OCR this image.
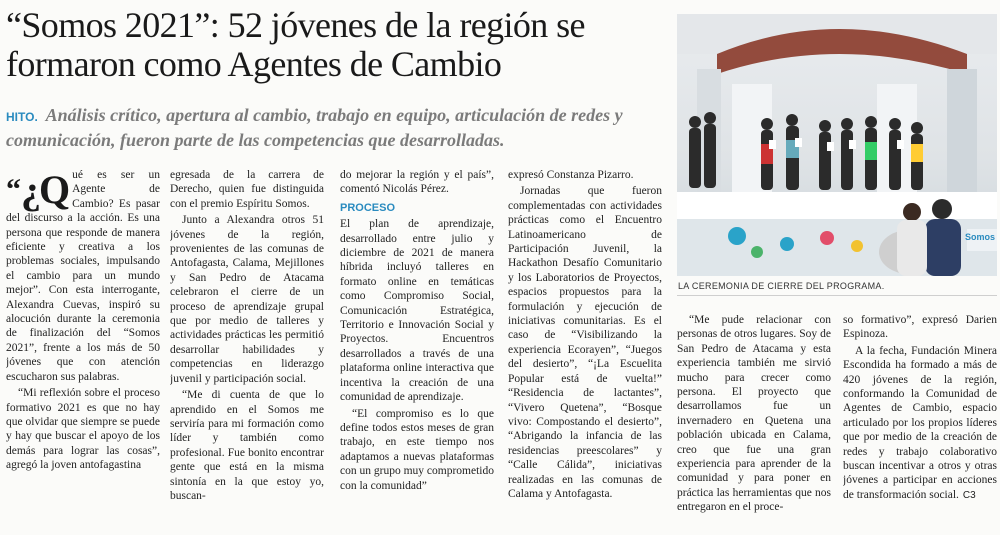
“Somos 2021”: 52 jóvenes de la región se formaron como Agentes de Cambio

HITO. Análisis crítico, apertura al cambio, trabajo en equipo, articulación de redes y comunicación, fueron parte de las competencias que desarrolladas.

“¿Q ué es ser un Agente de Cambio? Es pasar del discurso a la acción. Es una persona que responde de manera eficiente y creativa a los problemas sociales, impulsando el cambio para un mundo mejor”. Con esta interrogante, Alexandra Cuevas, inspiró su alocución durante la ceremonia de finalización del “Somos 2021”, frente a los más de 50 jóvenes que con atención escucharon sus palabras.

“Mi reflexión sobre el proceso formativo 2021 es que no hay que olvidar que siempre se puede y hay que buscar el apoyo de los demás para lograr las cosas”, agregó la joven antofagastina

egresada de la carrera de Derecho, quien fue distinguida con el premio Espíritu Somos.

Junto a Alexandra otros 51 jóvenes de la región, provenientes de las comunas de Antofagasta, Calama, Mejillones y San Pedro de Atacama celebraron el cierre de un proceso de aprendizaje grupal que por medio de talleres y actividades prácticas les permitió desarrollar habilidades y competencias en liderazgo juvenil y participación social.

“Me di cuenta de que lo aprendido en el Somos me serviría para mi formación como líder y también como profesional. Fue bonito encontrar gente que está en la misma sintonía en la que estoy yo, buscan-

do mejorar la región y el país”, comentó Nicolás Pérez.

PROCESO

El plan de aprendizaje, desarrollado entre julio y diciembre de 2021 de manera híbrida incluyó talleres en formato online en temáticas como Compromiso Social, Comunicación Estratégica, Territorio e Innovación Social y Proyectos. Encuentros desarrollados a través de una plataforma online interactiva que incentiva la creación de una comunidad de aprendizaje.

“El compromiso es lo que define todos estos meses de gran trabajo, en este tiempo nos adaptamos a nuevas plataformas con un grupo muy comprometido con la comunidad”

expresó Constanza Pizarro.

Jornadas que fueron complementadas con actividades prácticas como el Encuentro Latinoamericano de Participación Juvenil, la Hackathon Desafío Comunitario y los Laboratorios de Proyectos, espacios propuestos para la formulación y ejecución de iniciativas comunitarias. Es el caso de “Visibilizando la experiencia Ecorayen”, “Juegos del desierto”, “¡La Escuelita Popular está de vuelta!” “Residencia de lactantes”, “Vivero Quetena”, “Bosque vivo: Compostando el desierto”, “Abrigando la infancia de las residencias preescolares” y “Calle Cálida”, iniciativas realizadas en las comunas de Calama y Antofagasta.

Somos

LA CEREMONIA DE CIERRE DEL PROGRAMA.

“Me pude relacionar con personas de otros lugares. Soy de San Pedro de Atacama y esta experiencia también me sirvió mucho para crecer como persona. El proyecto que desarrollamos fue un invernadero en Quetena una población ubicada en Calama, creo que fue una gran experiencia para aprender de la comunidad y para poner en práctica las herramientas que nos entregaron en el proce-

so formativo”, expresó Darien Espinoza.

A la fecha, Fundación Minera Escondida ha formado a más de 420 jóvenes de la región, conformando la Comunidad de Agentes de Cambio, espacio articulado por los propios líderes que por medio de la creación de redes y trabajo colaborativo buscan incentivar a otros y otras jóvenes a participar en acciones de transformación social. C3
